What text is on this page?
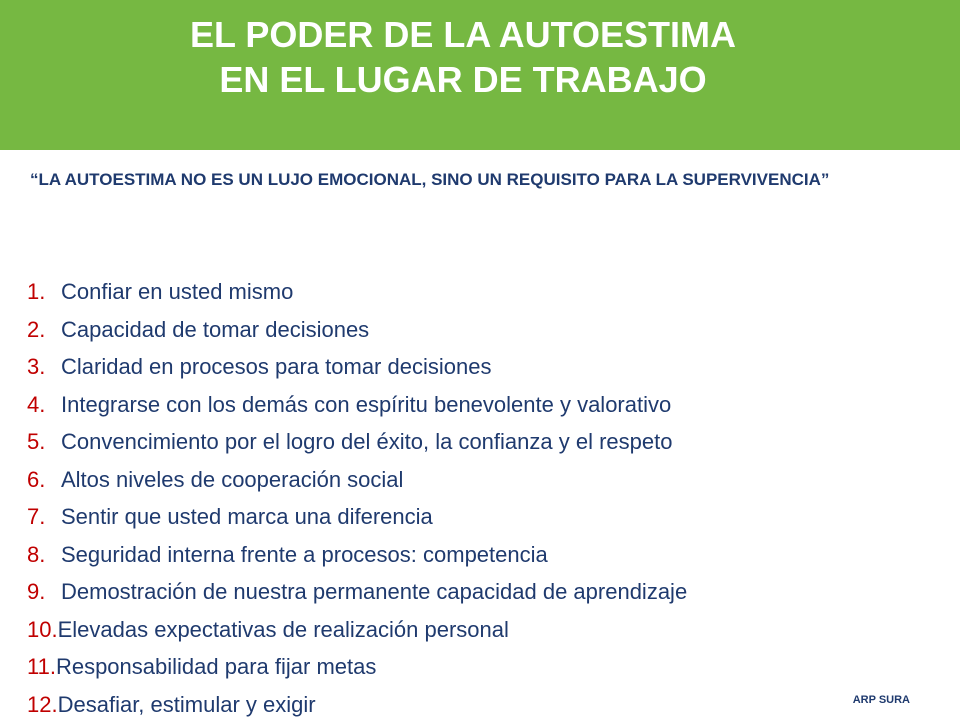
EL PODER DE LA AUTOESTIMA
EN EL LUGAR DE TRABAJO
“LA AUTOESTIMA NO ES UN LUJO EMOCIONAL, SINO UN REQUISITO PARA LA SUPERVIVENCIA”
1. Confiar en usted mismo
2. Capacidad de tomar decisiones
3. Claridad en procesos para tomar decisiones
4. Integrarse con los demás con espíritu benevolente y valorativo
5. Convencimiento por el logro del éxito, la confianza y el respeto
6. Altos niveles de cooperación social
7. Sentir que usted marca una diferencia
8. Seguridad interna frente a procesos: competencia
9. Demostración de nuestra permanente capacidad de aprendizaje
10.Elevadas expectativas de realización personal
11.Responsabilidad para fijar metas
12.Desafiar, estimular y exigir	ARP SURA
